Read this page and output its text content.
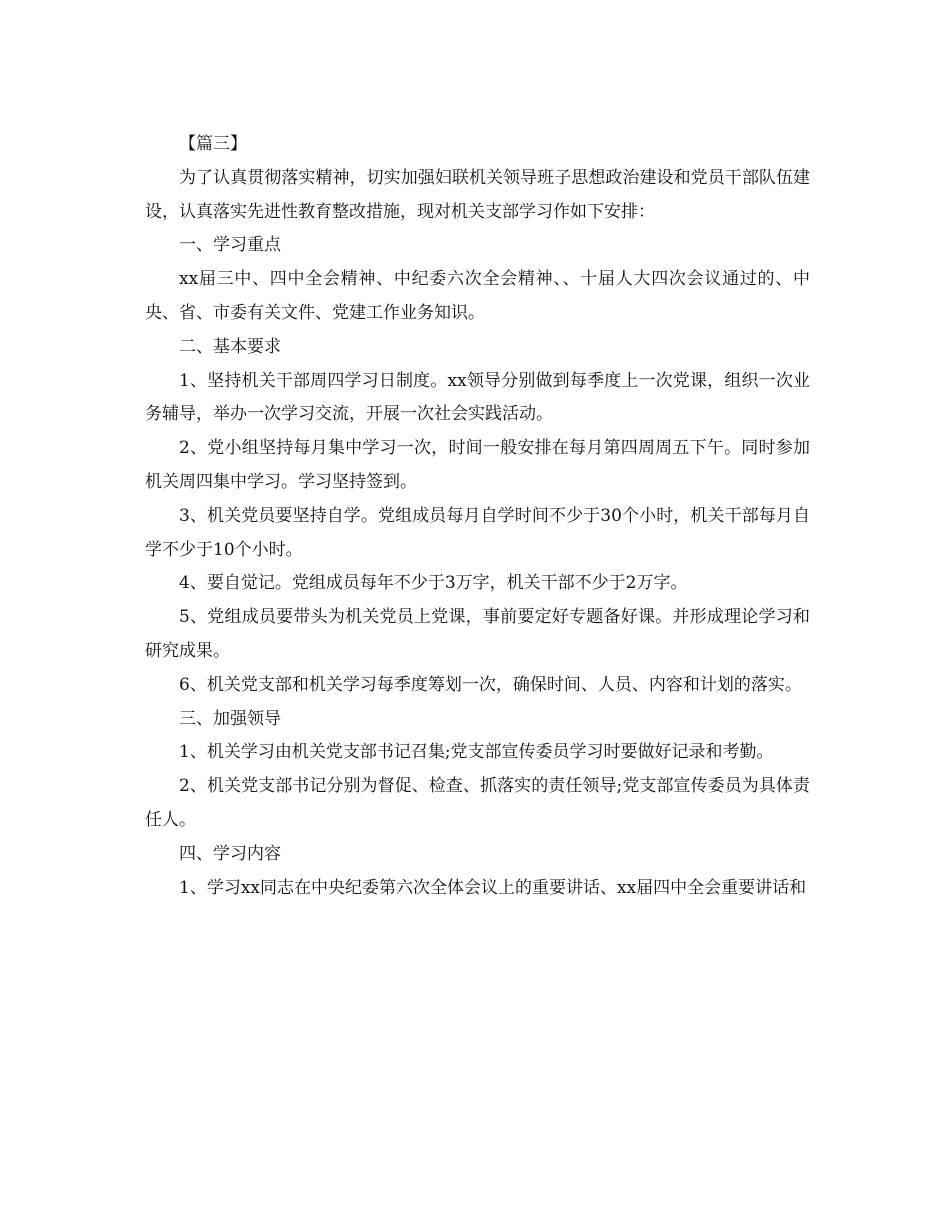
【篇三】

为了认真贯彻落实精神，切实加强妇联机关领导班子思想政治建设和党员干部队伍建设，认真落实先进性教育整改措施，现对机关支部学习作如下安排：

一、学习重点

xx届三中、四中全会精神、中纪委六次全会精神、、十届人大四次会议通过的、中央、省、市委有关文件、党建工作业务知识。

二、基本要求

1、坚持机关干部周四学习日制度。xx领导分别做到每季度上一次党课，组织一次业务辅导，举办一次学习交流，开展一次社会实践活动。

2、党小组坚持每月集中学习一次，时间一般安排在每月第四周周五下午。同时参加机关周四集中学习。学习坚持签到。

3、机关党员要坚持自学。党组成员每月自学时间不少于30个小时，机关干部每月自学不少于10个小时。

4、要自觉记。党组成员每年不少于3万字，机关干部不少于2万字。

5、党组成员要带头为机关党员上党课，事前要定好专题备好课。并形成理论学习和研究成果。

6、机关党支部和机关学习每季度筹划一次，确保时间、人员、内容和计划的落实。

三、加强领导

1、机关学习由机关党支部书记召集;党支部宣传委员学习时要做好记录和考勤。

2、机关党支部书记分别为督促、检查、抓落实的责任领导;党支部宣传委员为具体责任人。

四、学习内容

1、学习xx同志在中央纪委第六次全体会议上的重要讲话、xx届四中全会重要讲话和
